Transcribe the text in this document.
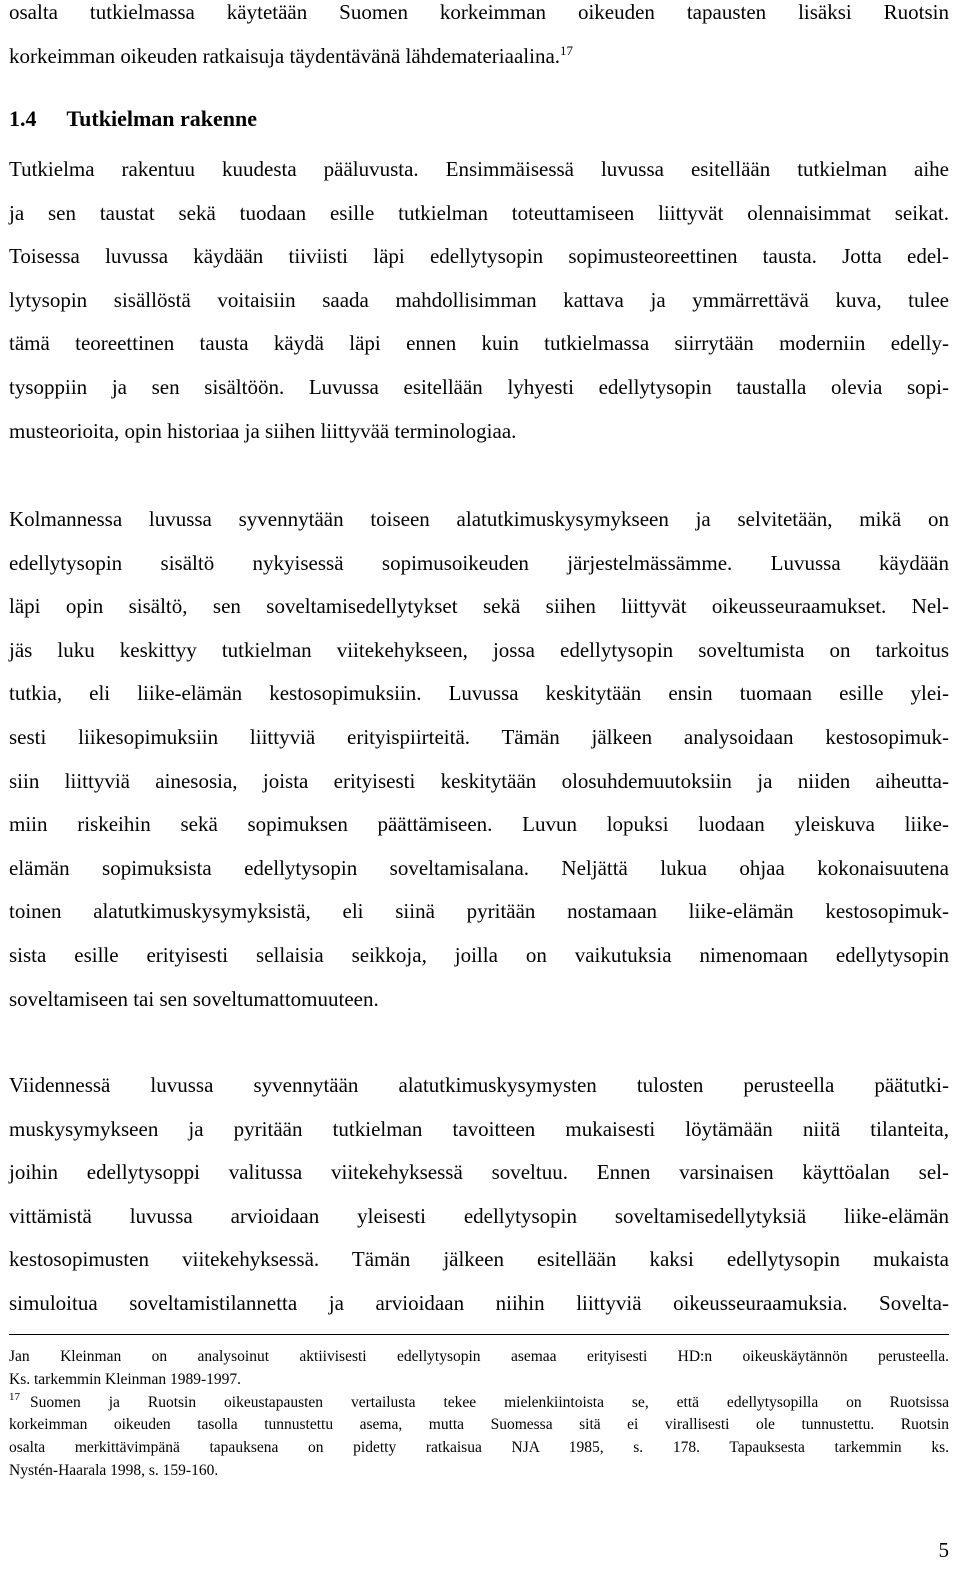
osalta tutkielmassa käytetään Suomen korkeimman oikeuden tapausten lisäksi Ruotsin
korkeimman oikeuden ratkaisuja täydentävänä lähdemateriaalina.$^{17}$
1.4 Tutkielman rakenne
Tutkielma rakentuu kuudesta pääluvusta. Ensimmäisessä luvussa esitellään tutkielman aihe
ja sen taustat sekä tuodaan esille tutkielman toteuttamiseen liittyvät olennaisimmat seikat.
Toisessa luvussa käydään tiiviisti läpi edellytysopin sopimusteoreettinen tausta. Jotta edel-
lytysopin sisällöstä voitaisiin saada mahdollisimman kattava ja ymmärrettävä kuva, tulee
tämä teoreettinen tausta käydä läpi ennen kuin tutkielmassa siirrytään moderniin edelly-
tysoppiin ja sen sisältöön. Luvussa esitellään lyhyesti edellytysopin taustalla olevia sopi-
musteorioita, opin historiaa ja siihen liittyvää terminologiaa.
Kolmannessa luvussa syvennytään toiseen alatutkimuskysymykseen ja selvitetään, mikä on
edellytysopin sisältö nykyisessä sopimusoikeuden järjestelmässämme. Luvussa käydään
läpi opin sisältö, sen soveltamisedellytykset sekä siihen liittyvät oikeusseuraamukset. Nel-
jäs luku keskittyy tutkielman viitekehykseen, jossa edellytysopin soveltumista on tarkoitus
tutkia, eli liike-elämän kestosopimuksiin. Luvussa keskitytään ensin tuomaan esille ylei-
sesti liikesopimuksiin liittyviä erityispiirteitä. Tämän jälkeen analysoidaan kestosopimuk-
siin liittyviä ainesosia, joista erityisesti keskitytään olosuhdemuutoksiin ja niiden aiheutta-
miin riskeihin sekä sopimuksen päättämiseen. Luvun lopuksi luodaan yleiskuva liike-
elämän sopimuksista edellytysopin soveltamisalana. Neljättä lukua ohjaa kokonaisuutena
toinen alatutkimuskysymyksistä, eli siinä pyritään nostamaan liike-elämän kestosopimuk-
sista esille erityisesti sellaisia seikkoja, joilla on vaikutuksia nimenomaan edellytysopin
soveltamiseen tai sen soveltumattomuuteen.
Viidennessä luvussa syvennytään alatutkimuskysymysten tulosten perusteella päätutki-
muskysymykseen ja pyritään tutkielman tavoitteen mukaisesti löytämään niitä tilanteita,
joihin edellytysoppi valitussa viitekehyksessä soveltuu. Ennen varsinaisen käyttöalan sel-
vittämistä luvussa arvioidaan yleisesti edellytysopin soveltamisedellytyksiä liike-elämän
kestosopimusten viitekehyksessä. Tämän jälkeen esitellään kaksi edellytysopin mukaista
simuloitua soveltamistilannetta ja arvioidaan niihin liittyviä oikeusseuraamuksia. Sovelta-
Jan Kleinman on analysoinut aktiivisesti edellytysopin asemaa erityisesti HD:n oikeuskäytännön perusteella.
Ks. tarkemmin Kleinman 1989-1997.
$^{17}$ Suomen ja Ruotsin oikeustapausten vertailusta tekee mielenkiintoista se, että edellytysopilla on Ruotsissa
korkeimman oikeuden tasolla tunnustettu asema, mutta Suomessa sitä ei virallisesti ole tunnustettu. Ruotsin
osalta merkittävimpänä tapauksena on pidetty ratkaisua NJA 1985, s. 178. Tapauksesta tarkemmin ks.
Nystén-Haarala 1998, s. 159-160.
5
